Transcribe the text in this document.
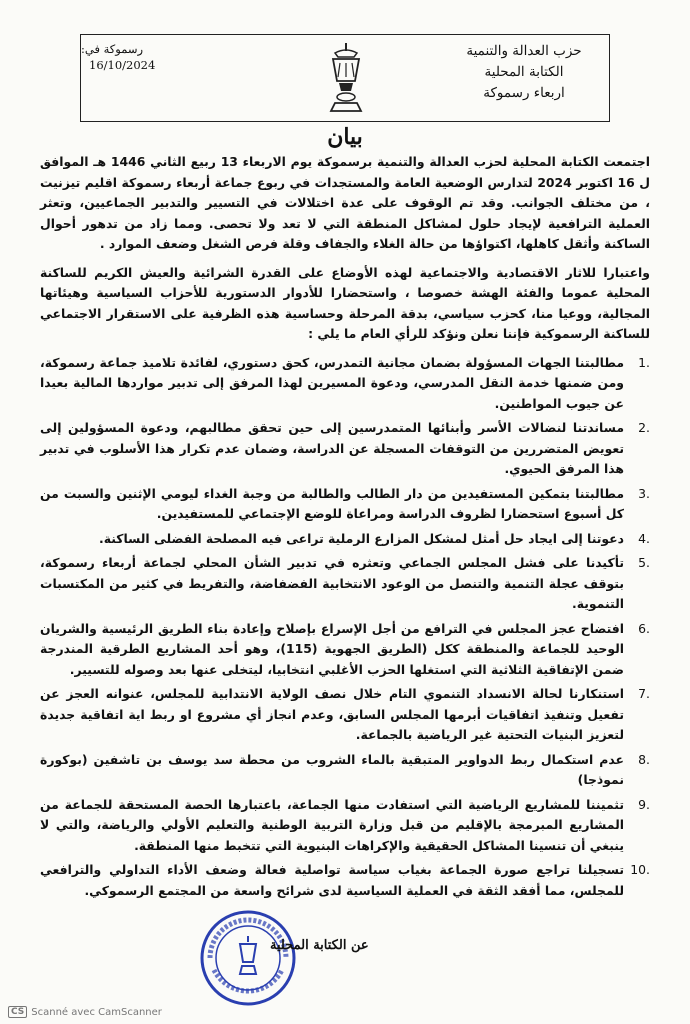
حزب العدالة والتنمية
الكتابة المحلية
اربعاء رسموكة
رسموكة في:
16/10/2024
بيان

اجتمعت الكتابة المحلية لحزب العدالة والتنمية برسموكة يوم الاربعاء 13 ربيع الثاني 1446 هـ الموافق ل 16 اكتوبر 2024 لتدارس الوضعية العامة والمستجدات في ربوع جماعة أربعاء رسموكة اقليم تيزنيت ، من مختلف الجوانب. وقد تم الوقوف على عدة اختلالات في التسيير والتدبير الجماعيين، وتعثر العملية الترافعية لإيجاد حلول لمشاكل المنطقة التي لا تعد ولا تحصى. ومما زاد من تدهور أحوال الساكنة وأثقل كاهلها، اكتواؤها من حالة الغلاء والجفاف وقلة فرص الشغل وضعف الموارد .

واعتبارا للاثار الاقتصادية والاجتماعية لهذه الأوضاع على القدرة الشرائية والعيش الكريم للساكنة المحلية عموما والفئة الهشة خصوصا ، واستحضارا للأدوار الدستورية للأحزاب السياسية وهيئاتها المجالية، ووعيا منا، كحزب سياسي، بدقة المرحلة وحساسية هذه الظرفية على الاستقرار الاجتماعي للساكنة الرسموكية فإننا نعلن ونؤكد للرأي العام ما يلي :

.1
مطالبتنا الجهات المسؤولة بضمان مجانية التمدرس، كحق دستوري، لفائدة تلاميذ جماعة رسموكة، ومن ضمنها خدمة النقل المدرسي، ودعوة المسيرين لهذا المرفق إلى تدبير مواردها المالية بعيدا عن جيوب المواطنين.
.2
مساندتنا لنضالات الأسر وأبنائها المتمدرسين إلى حين تحقق مطالبهم، ودعوة المسؤولين إلى تعويض المتضررين من التوقفات المسجلة عن الدراسة، وضمان عدم تكرار هذا الأسلوب في تدبير هذا المرفق الحيوي.
.3
مطالبتنا بتمكين المستفيدين من دار الطالب والطالبة من وجبة الغداء ليومي الإثنين والسبت من كل أسبوع استحضارا لظروف الدراسة ومراعاة للوضع الإجتماعي للمستفيدين.
.4
دعوتنا إلى ايجاد حل أمثل لمشكل المزارع الرملية تراعى فيه المصلحة الفضلى الساكنة.
.5
تأكيدنا على فشل المجلس الجماعي وتعثره في تدبير الشأن المحلي لجماعة أربعاء رسموكة، بتوقف عجلة التنمية والتنصل من الوعود الانتخابية الفضفاضة، والتفريط في كثير من المكتسبات التنموية.
.6
افتضاح عجز المجلس في الترافع من أجل الإسراع بإصلاح وإعادة بناء الطريق الرئيسية والشريان الوحيد للجماعة والمنطقة ككل (الطريق الجهوية (115)، وهو أحد المشاريع الطرقية المندرجة ضمن الإتفاقية الثلاثية التي استغلها الحزب الأغلبي انتخابيا، ليتخلى عنها بعد وصوله للتسيير.
.7
استنكارنا لحالة الانسداد التنموي التام خلال نصف الولاية الانتدابية للمجلس، عنوانه العجز عن تفعيل وتنفيذ اتفاقيات أبرمها المجلس السابق، وعدم انجاز أي مشروع او ربط اية اتفاقية جديدة لتعزيز البنيات التحتية غير الرياضية بالجماعة.
.8
عدم استكمال ربط الدواوير المتبقية بالماء الشروب من محطة سد يوسف بن تاشفين (بوكورة نموذجا)
.9
تثميننا للمشاريع الرياضية التي استفادت منها الجماعة، باعتبارها الحصة المستحقة للجماعة من المشاريع المبرمجة بالإقليم من قبل وزارة التربية الوطنية والتعليم الأولي والرياضة، والتي لا ينبغي أن تنسينا المشاكل الحقيقية والإكراهات البنيوية التي تتخبط منها المنطقة.
.10
تسجيلنا تراجع صورة الجماعة بغياب سياسة تواصلية فعالة وضعف الأداء التداولي والترافعي للمجلس، مما أفقد الثقة في العملية السياسية لدى شرائح واسعة من المجتمع الرسموكي.
عن الكتابة المحلية
CS Scanné avec CamScanner
